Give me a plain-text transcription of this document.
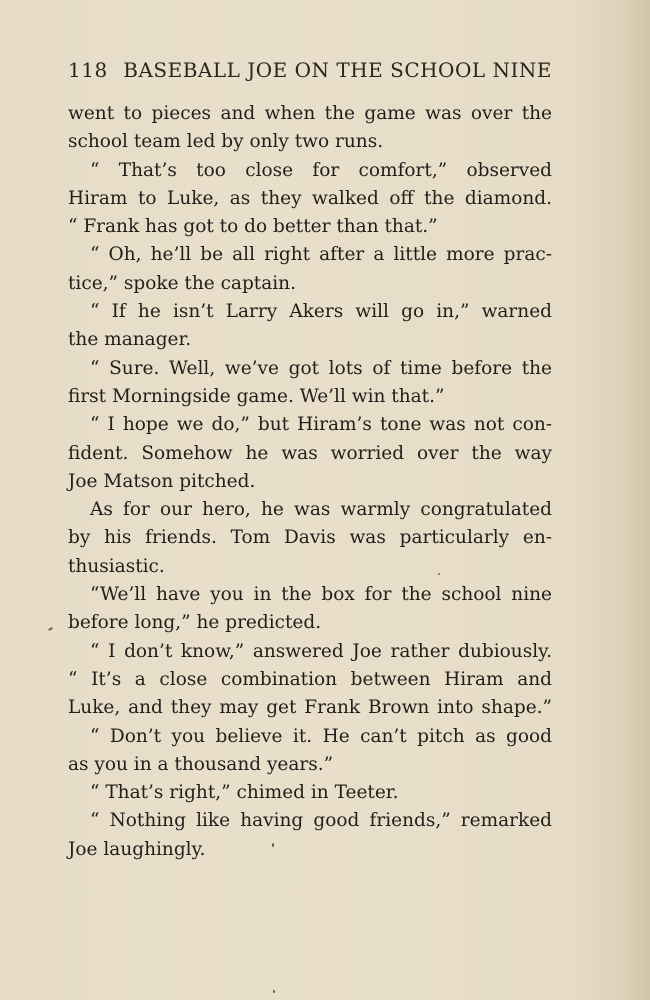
118 BASEBALL JOE ON THE SCHOOL NINE
went to pieces and when the game was over the
school team led by only two runs.
“ That’s too close for comfort,” observed
Hiram to Luke, as they walked off the diamond.
“ Frank has got to do better than that.”
“ Oh, he’ll be all right after a little more prac-
tice,” spoke the captain.
“ If he isn’t Larry Akers will go in,” warned
the manager.
“ Sure. Well, we’ve got lots of time before the
first Morningside game. We’ll win that.”
“ I hope we do,” but Hiram’s tone was not con-
fident. Somehow he was worried over the way
Joe Matson pitched.
As for our hero, he was warmly congratulated
by his friends. Tom Davis was particularly en-
thusiastic.
“We’ll have you in the box for the school nine
before long,” he predicted.
“ I don’t know,” answered Joe rather dubiously.
“ It’s a close combination between Hiram and
Luke, and they may get Frank Brown into shape.”
“ Don’t you believe it. He can’t pitch as good
as you in a thousand years.”
“ That’s right,” chimed in Teeter.
“ Nothing like having good friends,” remarked
Joe laughingly.
